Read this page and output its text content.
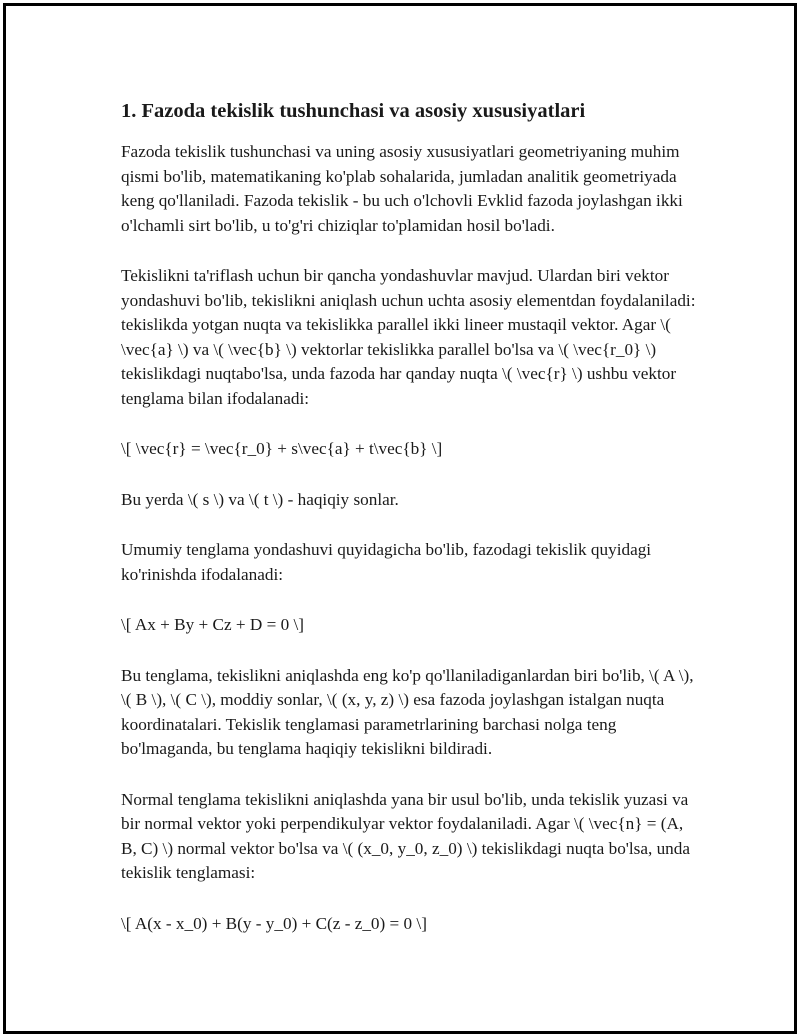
1. Fazoda tekislik tushunchasi va asosiy xususiyatlari

Fazoda tekislik tushunchasi va uning asosiy xususiyatlari geometriyaning muhim qismi bo'lib, matematikaning ko'plab sohalarida, jumladan analitik geometriyada keng qo'llaniladi. Fazoda tekislik - bu uch o'lchovli Evklid fazoda joylashgan ikki o'lchamli sirt bo'lib, u to'g'ri chiziqlar to'plamidan hosil bo'ladi.

Tekislikni ta'riflash uchun bir qancha yondashuvlar mavjud. Ulardan biri vektor yondashuvi bo'lib, tekislikni aniqlash uchun uchta asosiy elementdan foydalaniladi: tekislikda yotgan nuqta va tekislikka parallel ikki lineer mustaqil vektor. Agar \( \vec{a} \) va \( \vec{b} \) vektorlar tekislikka parallel bo'lsa va \( \vec{r_0} \) tekislikdagi nuqtabo'lsa, unda fazoda har qanday nuqta \( \vec{r} \) ushbu vektor tenglama bilan ifodalanadi:

\[ \vec{r} = \vec{r_0} + s\vec{a} + t\vec{b} \]

Bu yerda \( s \) va \( t \) - haqiqiy sonlar.

Umumiy tenglama yondashuvi quyidagicha bo'lib, fazodagi tekislik quyidagi ko'rinishda ifodalanadi:

\[ Ax + By + Cz + D = 0 \]

Bu tenglama, tekislikni aniqlashda eng ko'p qo'llaniladiganlardan biri bo'lib, \( A \), \( B \), \( C \), moddiy sonlar, \( (x, y, z) \) esa fazoda joylashgan istalgan nuqta koordinatalari. Tekislik tenglamasi parametrlarining barchasi nolga teng bo'lmaganda, bu tenglama haqiqiy tekislikni bildiradi.

Normal tenglama tekislikni aniqlashda yana bir usul bo'lib, unda tekislik yuzasi va bir normal vektor yoki perpendikulyar vektor foydalaniladi. Agar \( \vec{n} = (A, B, C) \) normal vektor bo'lsa va \( (x_0, y_0, z_0) \) tekislikdagi nuqta bo'lsa, unda tekislik tenglamasi:

\[ A(x - x_0) + B(y - y_0) + C(z - z_0) = 0 \]
